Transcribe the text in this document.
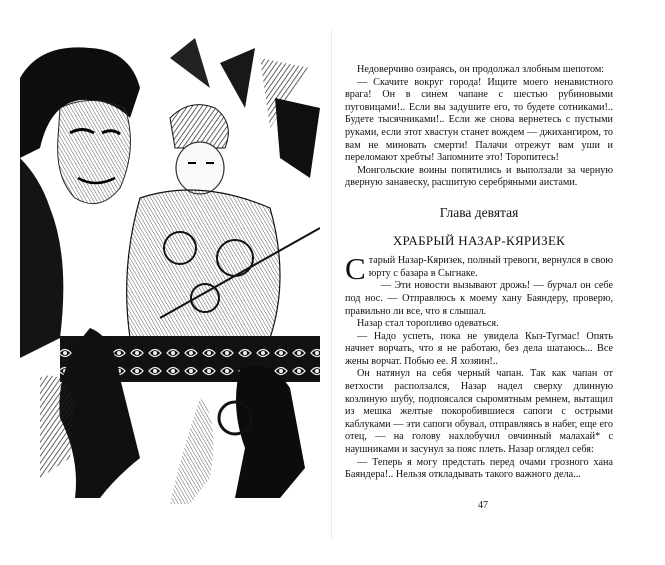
Недоверчиво озираясь, он продолжал злобным шепотом:

— Скачите вокруг города! Ищите моего ненавистного врага! Он в синем чапане с шестью рубиновыми пуговицами!.. Если вы задушите его, то будете сотниками!.. Будете тысячниками!.. Если же снова вернетесь с пустыми руками, если этот хвастун станет вождем — джихангиром, то вам не миновать смерти! Палачи отрежут вам уши и переломают хребты! Запомните это! Торопитесь!

Монгольские воины попятились и выползали за черную дверную занавеску, расшитую серебряными аистами.

Глава девятая

ХРАБРЫЙ НАЗАР-КЯРИЗЕК

Старый Назар-Кяризек, полный тревоги, вернулся в свою юрту с базара в Сыгнаке.

— Эти новости вызывают дрожь! — бурчал он себе под нос. — Отправлюсь к моему хану Баяндеру, проверю, правильно ли все, что я слышал.

Назар стал торопливо одеваться.

— Надо успеть, пока не увидела Кыз-Тугмас! Опять начнет ворчать, что я не работаю, без дела шатаюсь... Все жены ворчат. Побью ее. Я хозяин!..

Он натянул на себя черный чапан. Так как чапан от ветхости расползался, Назар надел сверху длинную козлиную шубу, подпоясался сыромятным ремнем, вытащил из мешка желтые покоробившиеся сапоги с острыми каблуками — эти сапоги обувал, отправляясь в набег, еще его отец, — на голову нахлобучил овчинный малахай* с наушниками и засунул за пояс плеть. Назар оглядел себя:

— Теперь я могу предстать перед очами грозного хана Баяндера!.. Нельзя откладывать такого важного дела...

47
